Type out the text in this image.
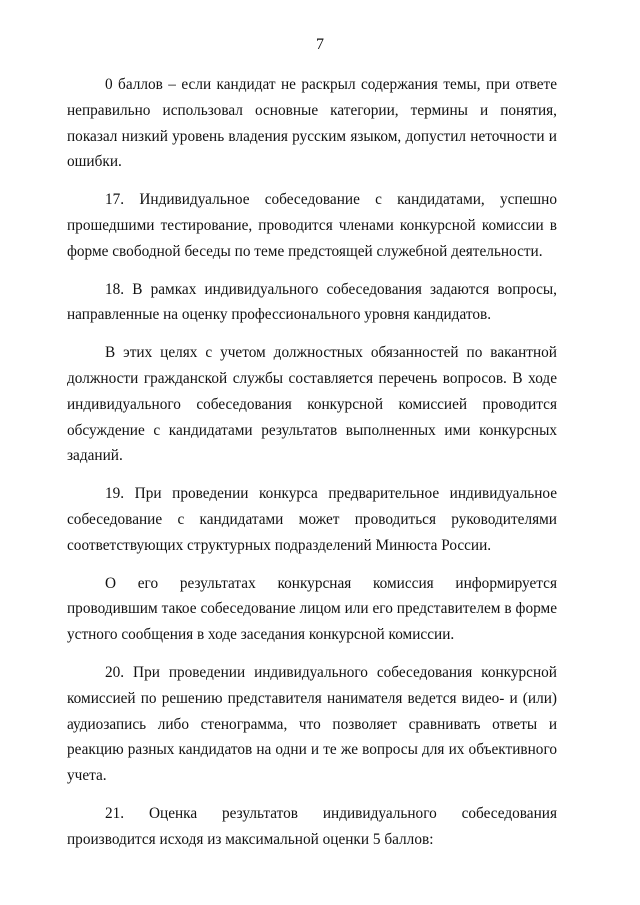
7

0 баллов – если кандидат не раскрыл содержания темы, при ответе неправильно использовал основные категории, термины и понятия, показал низкий уровень владения русским языком, допустил неточности и ошибки.

17. Индивидуальное собеседование с кандидатами, успешно прошедшими тестирование, проводится членами конкурсной комиссии в форме свободной беседы по теме предстоящей служебной деятельности.

18. В рамках индивидуального собеседования задаются вопросы, направленные на оценку профессионального уровня кандидатов.

В этих целях с учетом должностных обязанностей по вакантной должности гражданской службы составляется перечень вопросов. В ходе индивидуального собеседования конкурсной комиссией проводится обсуждение с кандидатами результатов выполненных ими конкурсных заданий.

19. При проведении конкурса предварительное индивидуальное собеседование с кандидатами может проводиться руководителями соответствующих структурных подразделений Минюста России.

О его результатах конкурсная комиссия информируется проводившим такое собеседование лицом или его представителем в форме устного сообщения в ходе заседания конкурсной комиссии.

20. При проведении индивидуального собеседования конкурсной комиссией по решению представителя нанимателя ведется видео- и (или) аудиозапись либо стенограмма, что позволяет сравнивать ответы и реакцию разных кандидатов на одни и те же вопросы для их объективного учета.

21. Оценка результатов индивидуального собеседования производится исходя из максимальной оценки 5 баллов:
